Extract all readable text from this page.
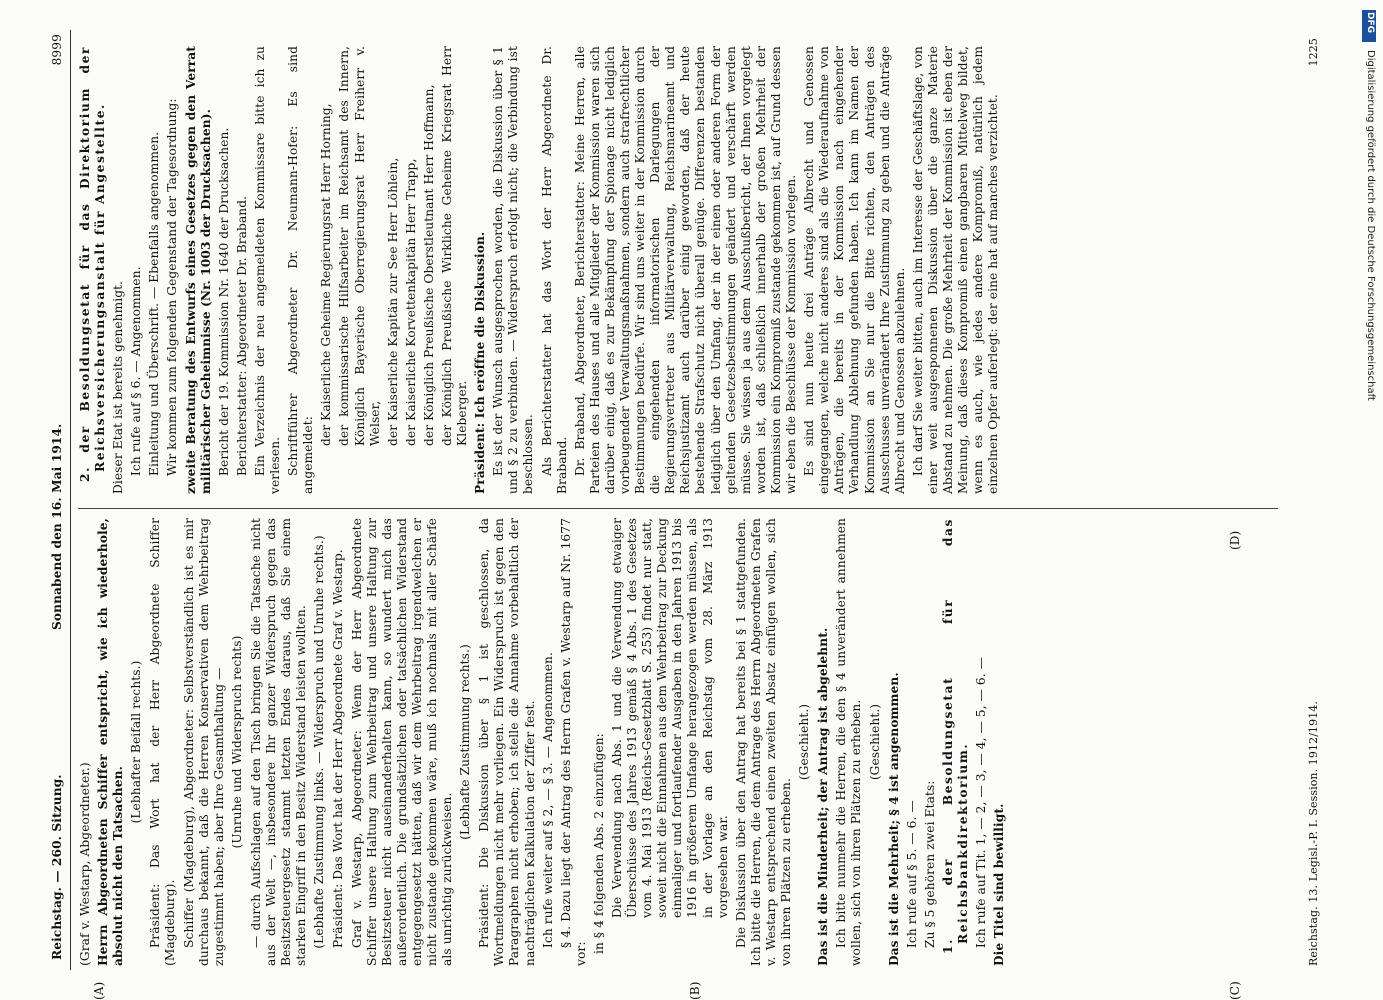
Reichstag. — 260. Sitzung.
Sonnabend den 16. Mai 1914.
8999
(A)	(B)	(C)
(D)

(Graf v. Westarp, Abgeordneter.) Herrn Abgeordneten Schiffer entspricht, wie ich wiederhole, absolut nicht den Tatsachen.

(Lebhafter Beifall rechts.) Präsident: Das Wort hat der Herr Abgeordnete Schiffer (Magdeburg). Schiffer (Magdeburg), Abgeordneter: Selbstverständlich ist es mir durchaus bekannt, daß die Herren Konservativen dem Wehrbeitrag zugestimmt haben; aber Ihre Gesamthaltung — (Unruhe und Widerspruch rechts) — durch Aufschlagen auf den Tisch bringen Sie die Tatsache nicht aus der Welt —, insbesondere Ihr ganzer Widerspruch gegen das Besitzsteuergesetz stammt letzten Endes daraus, daß Sie einem starken Eingriff in den Besitz Widerstand leisten wollten. (Lebhafte Zustimmung links. — Widerspruch und Unruhe rechts.) Präsident: Das Wort hat der Herr Abgeordnete Graf v. Westarp. Graf v. Westarp, Abgeordneter: Wenn der Herr Abgeordnete Schiffer unsere Haltung zum Wehrbeitrag und unsere Haltung zur Besitzsteuer nicht auseinanderhalten kann, so wundert mich das außerordentlich. Die grundsätzlichen oder tatsächlichen Widerstand entgegengesetzt hätten, daß wir dem Wehrbeitrag irgendwelchen er nicht zustande gekommen wäre, muß ich nochmals mit aller Schärfe als unrichtig zurückweisen.

(Lebhafte Zustimmung rechts.) Präsident: Die Diskussion über § 1 ist geschlossen, da Wortmeldungen nicht mehr vorliegen. Ein Widerspruch ist gegen den Paragraphen nicht erhoben; ich stelle die Annahme vorbehaltlich der nachträglichen Kalkulation der Ziffer fest. Ich rufe weiter auf § 2, — § 3. — Angenommen. § 4. Dazu liegt der Antrag des Herrn Grafen v. Westarp auf Nr. 1677 vor: in § 4 folgenden Abs. 2 einzufügen: Die Verwendung nach Abs. 1 und die Verwendung etwaiger Überschüsse des Jahres 1913 gemäß § 4 Abs. 1 des Gesetzes vom 4. Mai 1913 (Reichs-Gesetzblatt S. 253) findet nur statt, soweit nicht die Einnahmen aus dem Wehrbeitrag zur Deckung einmaliger und fortlaufender Ausgaben in den Jahren 1913 bis 1916 in größerem Umfange herangezogen werden müssen, als in der Vorlage an den Reichstag vom 28. März 1913 vorgesehen war. Die Diskussion über den Antrag hat bereits bei § 1 stattgefunden. Ich bitte die Herren, die dem Antrage des Herrn Abgeordneten Grafen v. Westarp entsprechend einen zweiten Absatz einfügen wollen, sich von ihren Plätzen zu erheben.

(Geschieht.) Das ist die Minderheit; der Antrag ist abgelehnt. Ich bitte nunmehr die Herren, die den § 4 unverändert annehmen wollen, sich von ihren Plätzen zu erheben. (Geschieht.) Das ist die Mehrheit; § 4 ist angenommen. Ich rufe auf § 5. — 6. — Zu § 5 gehören zwei Etats: 1. der Besoldungsetat für das Reichsbankdirektorium. Ich rufe auf Tit. 1, — 2, — 3, — 4, — 5, — 6. — Die Titel sind bewilligt.

2. der Besoldungsetat für das Direktorium der Reichsversicherungsanstalt für Angestellte. Dieser Etat ist bereits genehmigt. Ich rufe auf § 6. — Angenommen. Einleitung und Überschrift. — Ebenfalls angenommen. Wir kommen zum folgenden Gegenstand der Tagesordnung: zweite Beratung des Entwurfs eines Gesetzes gegen den Verrat militärischer Geheimnisse (Nr. 1003 der Drucksachen). Bericht der 19. Kommission Nr. 1640 der Drucksachen. Berichterstatter: Abgeordneter Dr. Braband. Ein Verzeichnis der neu angemeldeten Kommissare bitte ich zu verlesen. Schriftführer Abgeordneter Dr. Neumann-Hofer: Es sind angemeldet:

der Kaiserliche Geheime Regierungsrat Herr Horning, der kommissarische Hilfsarbeiter im Reichsamt des Innern, Königlich Bayerische Oberregierungsrat Herr Freiherr v. Welser, der Kaiserliche Kapitän zur See Herr Löhlein, der Kaiserliche Korvettenkapitän Herr Trapp, der Königlich Preußische Oberstleutnant Herr Hoffmann, der Königlich Preußische Wirkliche Geheime Kriegsrat Herr Kleberger. Präsident: Ich eröffne die Diskussion. Es ist der Wunsch ausgesprochen worden, die Diskussion über § 1 und § 2 zu verbinden. — Widerspruch erfolgt nicht; die Verbindung ist beschlossen. Als Berichterstatter hat das Wort der Herr Abgeordnete Dr. Braband. Dr. Braband, Abgeordneter, Berichterstatter: Meine Herren, alle Parteien des Hauses und alle Mitglieder der Kommission waren sich darüber einig, daß es zur Bekämpfung der Spionage nicht lediglich vorbeugender Verwaltungsmaßnahmen, sondern auch strafrechtlicher Bestimmungen bedürfe. Wir sind uns weiter in der Kommission durch die eingehenden informatorischen Darlegungen der Regierungsvertreter aus Militärverwaltung, Reichsmarineamt und Reichsjustizamt auch darüber einig geworden, daß der heute bestehende Strafschutz nicht überall genüge. Differenzen bestanden lediglich über den Umfang, der in der einen oder anderen Form der geltenden Gesetzesbestimmungen geändert und verschärft werden müsse. Sie wissen ja aus dem Ausschußbericht, der Ihnen vorgelegt worden ist, daß schließlich innerhalb der großen Mehrheit der Kommission ein Kompromiß zustande gekommen ist, auf Grund dessen wir eben die Beschlüsse der Kommission vorlegen. Es sind nun heute drei Anträge Albrecht und Genossen eingegangen, welche nicht anderes sind als die Wiederaufnahme von Anträgen, die bereits in der Kommission nach eingehender Verhandlung Ablehnung gefunden haben. Ich kann im Namen der Kommission an Sie nur die Bitte richten, den Anträgen des Ausschusses unverändert Ihre Zustimmung zu geben und die Anträge Albrecht und Genossen abzulehnen. Ich darf Sie weiter bitten, auch im Interesse der Geschäftslage, von einer weit ausgesponnenen Diskussion über die ganze Materie Abstand zu nehmen. Die große Mehrheit der Kommission ist eben der Meinung, daß dieses Kompromiß einen gangbaren Mittelweg bildet, wenn es auch, wie jedes andere Kompromiß, natürlich jedem einzelnen Opfer auferlegt: der eine hat auf manches verzichtet.

Reichstag. 13. Legisl.-P. I. Session. 1912/1914.
1225
DFG
Digitalisierung gefördert durch die Deutsche Forschungsgemeinschaft
